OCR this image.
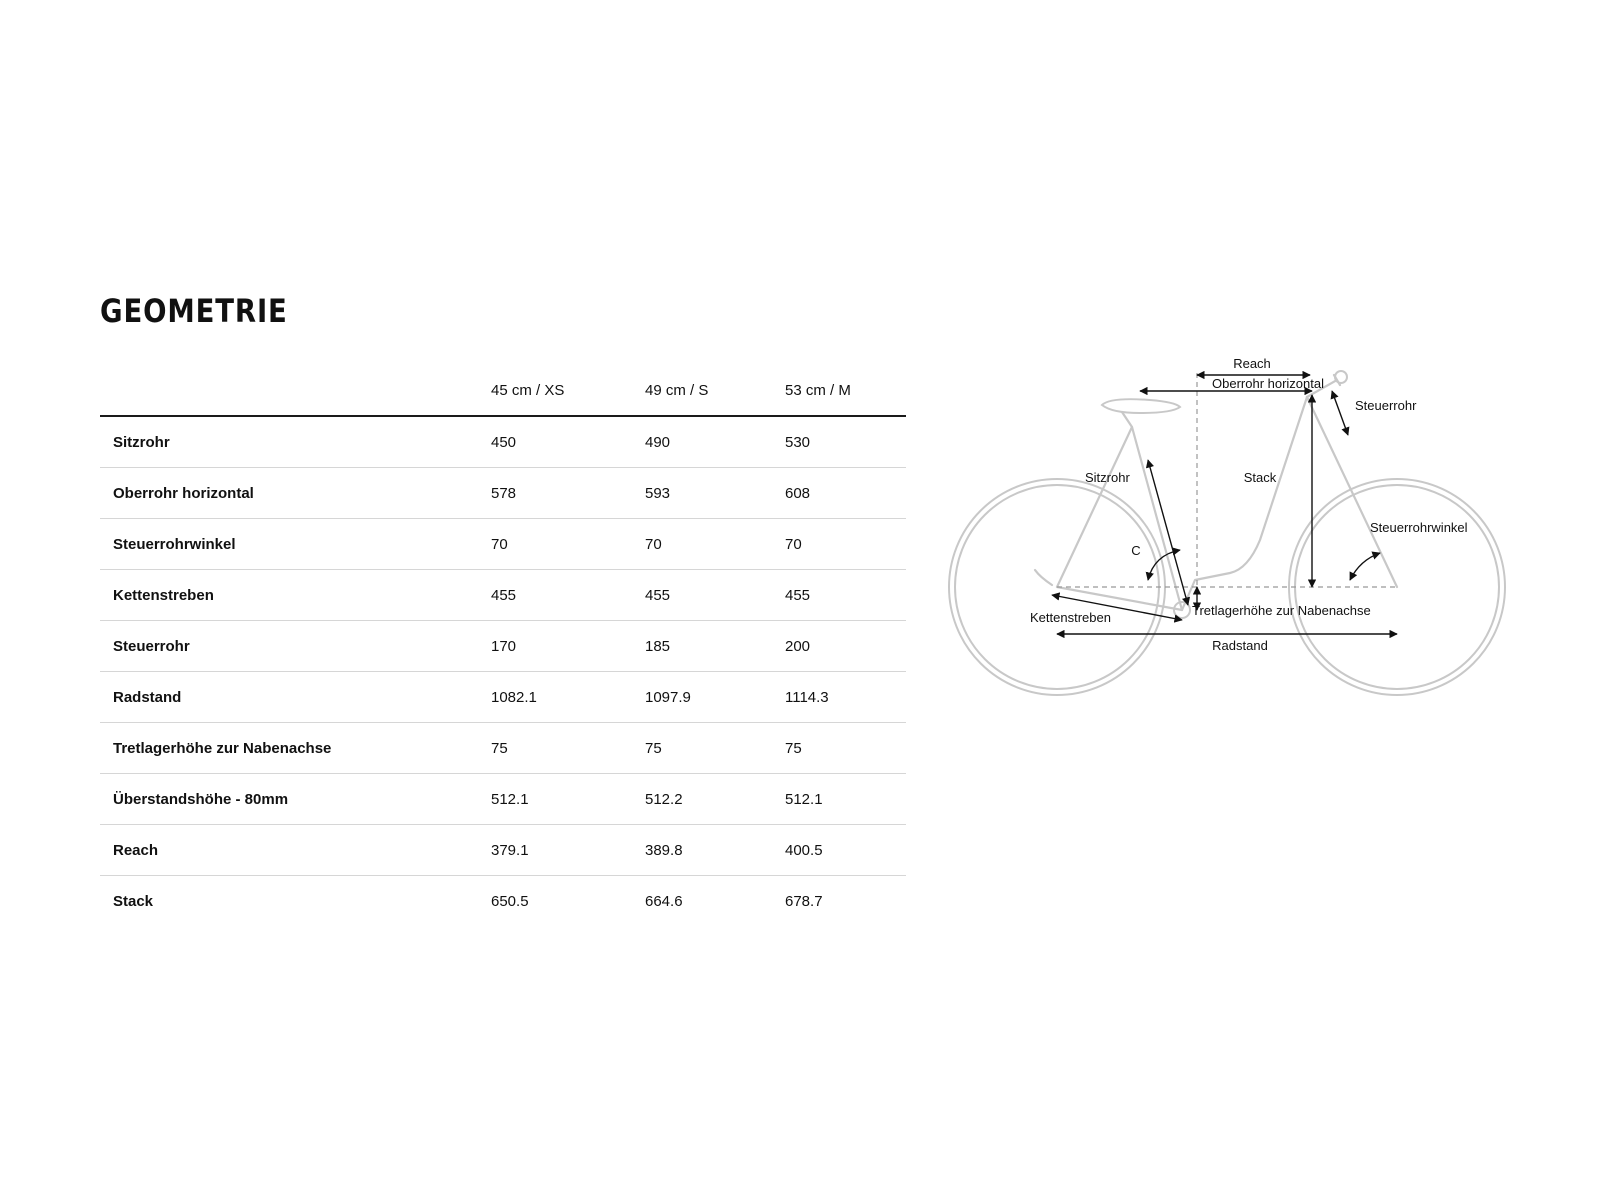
GEOMETRIE
	45 cm / XS	49 cm / S	53 cm / M
Sitzrohr	450	490	530
Oberrohr horizontal	578	593	608
Steuerrohrwinkel	70	70	70
Kettenstreben	455	455	455
Steuerrohr	170	185	200
Radstand	1082.1	1097.9	1114.3
Tretlagerhöhe zur Nabenachse	75	75	75
Überstandshöhe - 80mm	512.1	512.2	512.1
Reach	379.1	389.8	400.5
Stack	650.5	664.6	678.7
Reach
Oberrohr horizontal
Steuerrohr
Sitzrohr	Stack
C
Steuerrohrwinkel
Kettenstreben	Tretlagerhöhe zur Nabenachse
Radstand
